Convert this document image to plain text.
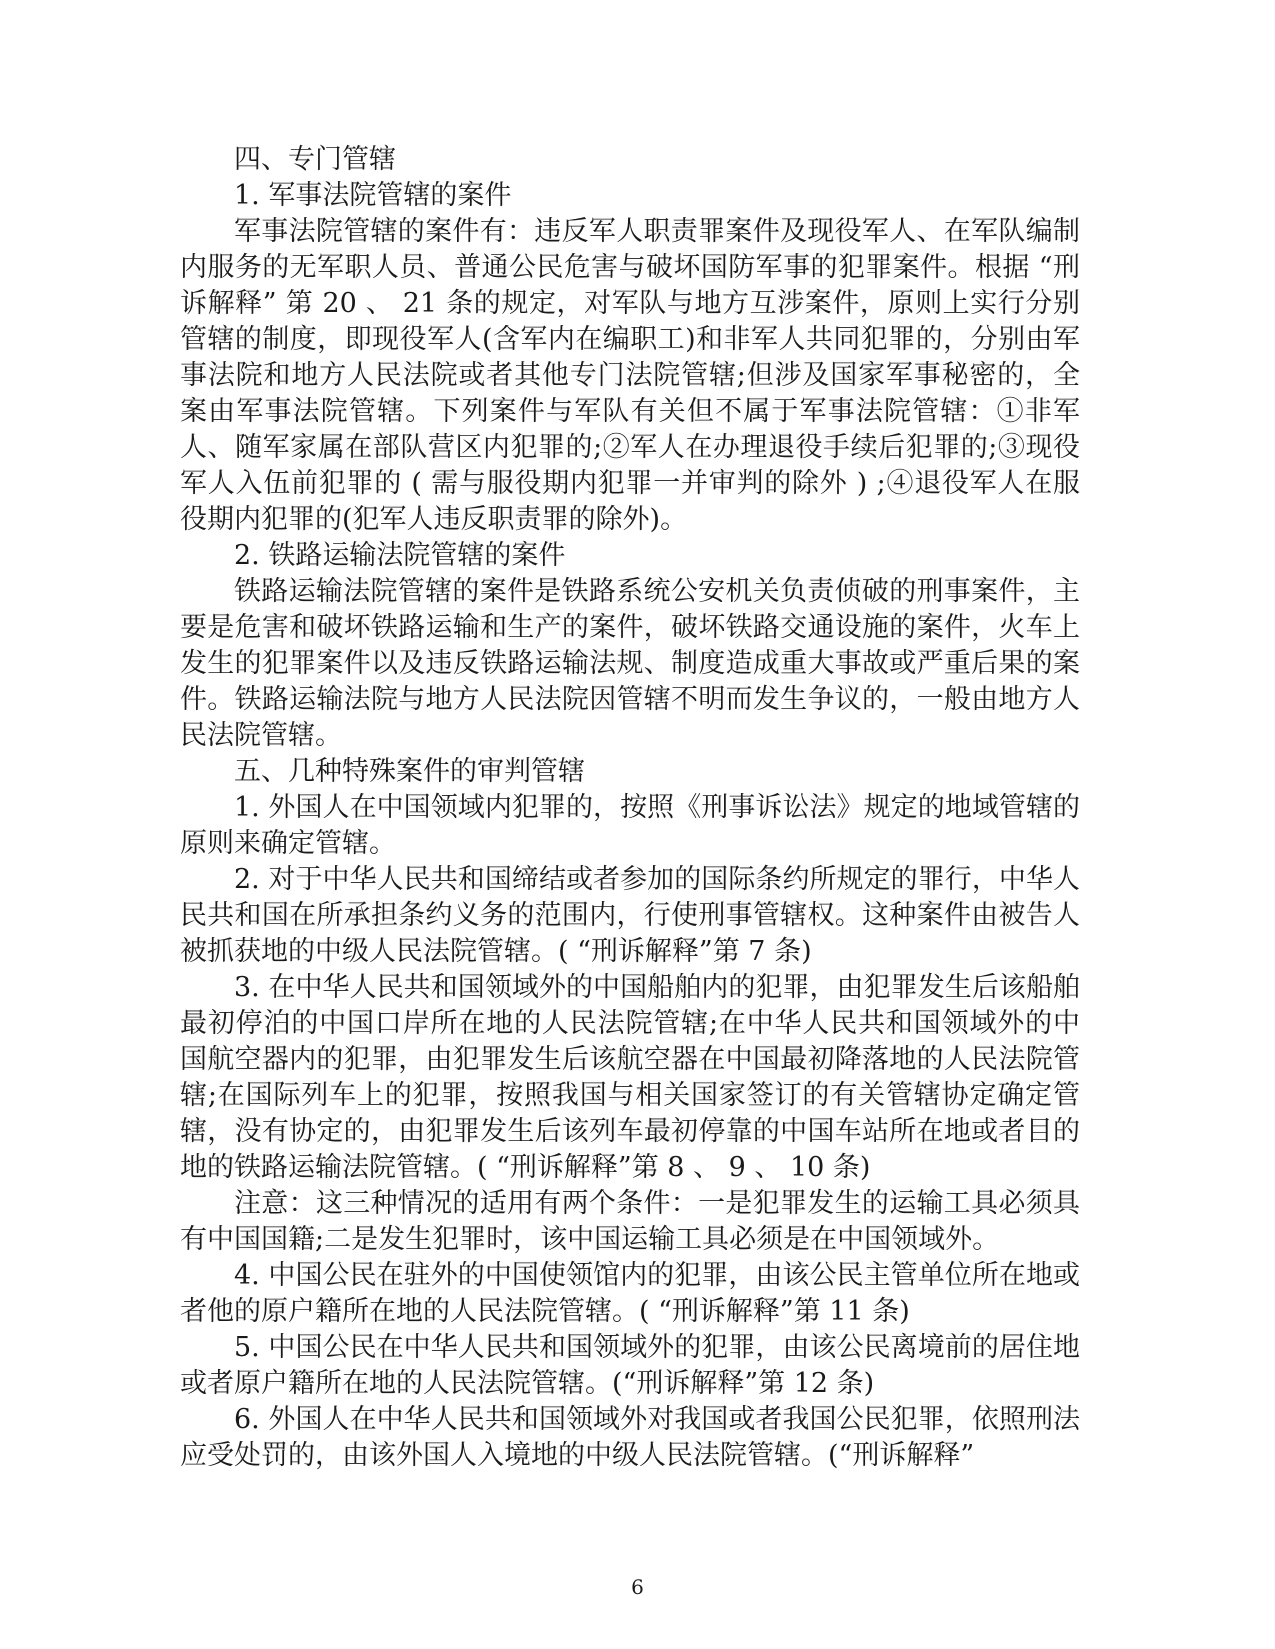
四、专门管辖

1. 军事法院管辖的案件

军事法院管辖的案件有：违反军人职责罪案件及现役军人、在军队编制内服务的无军职人员、普通公民危害与破坏国防军事的犯罪案件。根据 “刑诉解释” 第 20 、 21 条的规定，对军队与地方互涉案件，原则上实行分别管辖的制度，即现役军人(含军内在编职工)和非军人共同犯罪的，分别由军事法院和地方人民法院或者其他专门法院管辖;但涉及国家军事秘密的，全案由军事法院管辖。下列案件与军队有关但不属于军事法院管辖：①非军人、随军家属在部队营区内犯罪的;②军人在办理退役手续后犯罪的;③现役军人入伍前犯罪的 ( 需与服役期内犯罪一并审判的除外 ) ;④退役军人在服役期内犯罪的(犯军人违反职责罪的除外)。

2. 铁路运输法院管辖的案件

铁路运输法院管辖的案件是铁路系统公安机关负责侦破的刑事案件，主要是危害和破坏铁路运输和生产的案件，破坏铁路交通设施的案件，火车上发生的犯罪案件以及违反铁路运输法规、制度造成重大事故或严重后果的案件。铁路运输法院与地方人民法院因管辖不明而发生争议的，一般由地方人民法院管辖。

五、几种特殊案件的审判管辖

1. 外国人在中国领域内犯罪的，按照《刑事诉讼法》规定的地域管辖的原则来确定管辖。

2. 对于中华人民共和国缔结或者参加的国际条约所规定的罪行，中华人民共和国在所承担条约义务的范围内，行使刑事管辖权。这种案件由被告人被抓获地的中级人民法院管辖。( “刑诉解释”第 7 条)

3. 在中华人民共和国领域外的中国船舶内的犯罪，由犯罪发生后该船舶最初停泊的中国口岸所在地的人民法院管辖;在中华人民共和国领域外的中国航空器内的犯罪，由犯罪发生后该航空器在中国最初降落地的人民法院管辖;在国际列车上的犯罪，按照我国与相关国家签订的有关管辖协定确定管辖，没有协定的，由犯罪发生后该列车最初停靠的中国车站所在地或者目的地的铁路运输法院管辖。( “刑诉解释”第 8 、 9 、 10 条)

注意：这三种情况的适用有两个条件：一是犯罪发生的运输工具必须具有中国国籍;二是发生犯罪时，该中国运输工具必须是在中国领域外。

4. 中国公民在驻外的中国使领馆内的犯罪，由该公民主管单位所在地或者他的原户籍所在地的人民法院管辖。( “刑诉解释”第 11 条)

5. 中国公民在中华人民共和国领域外的犯罪，由该公民离境前的居住地或者原户籍所在地的人民法院管辖。(“刑诉解释”第 12 条)

6. 外国人在中华人民共和国领域外对我国或者我国公民犯罪，依照刑法应受处罚的，由该外国人入境地的中级人民法院管辖。(“刑诉解释”

6
